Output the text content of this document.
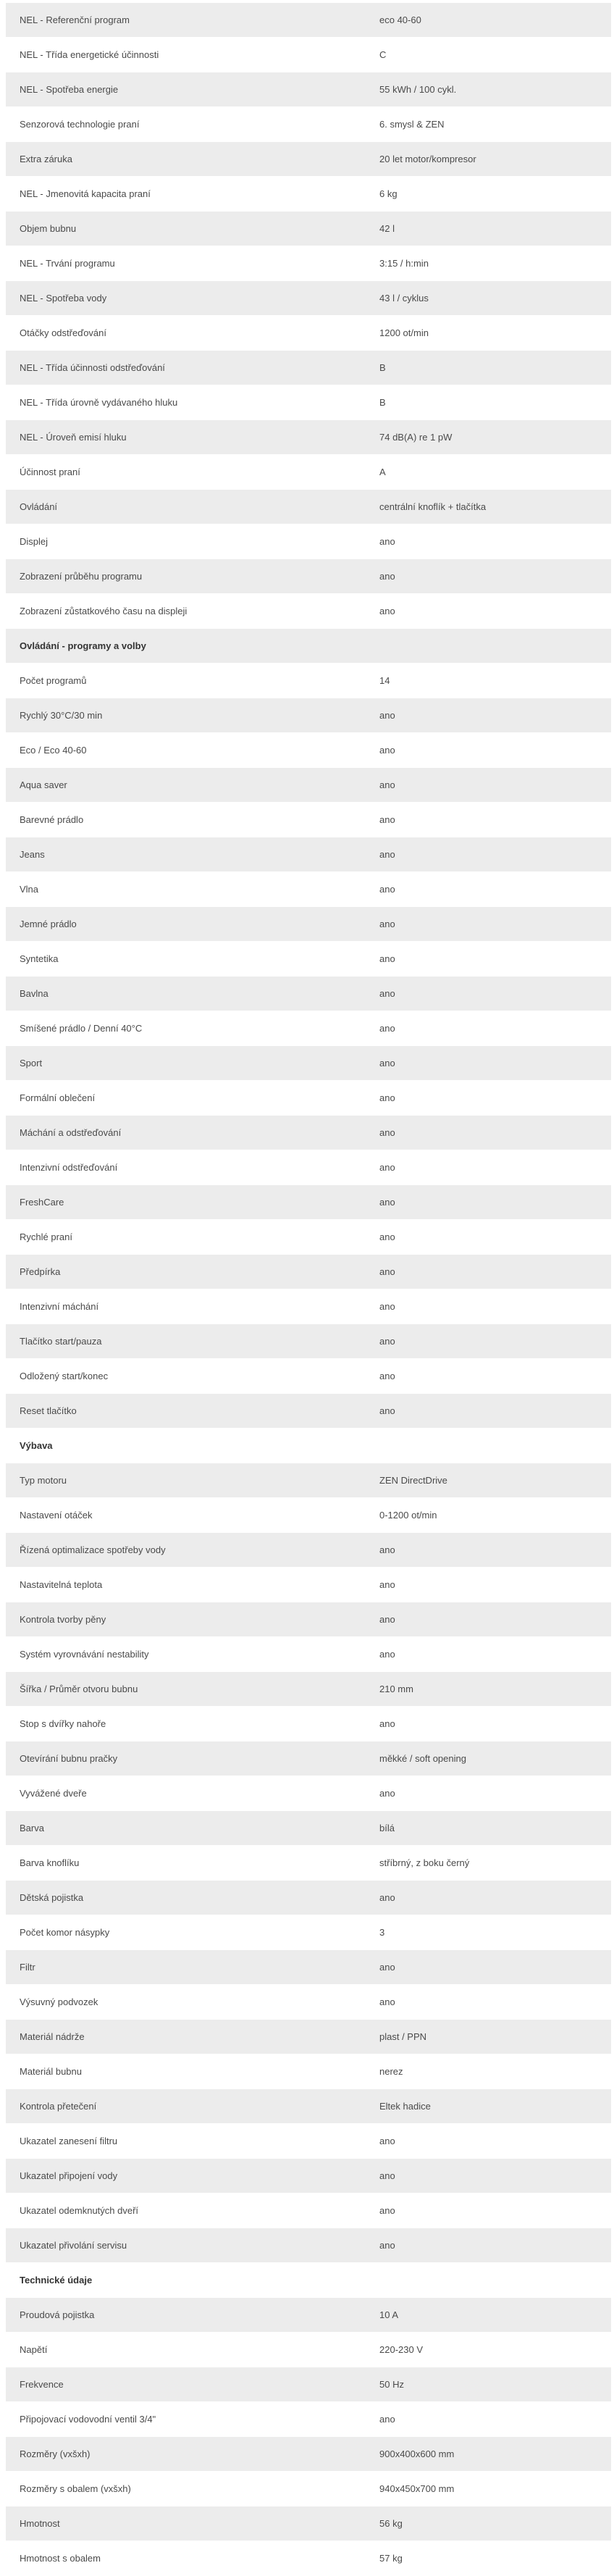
NEL - Referenční program	eco 40-60
NEL - Třída energetické účinnosti	C
NEL - Spotřeba energie	55 kWh / 100 cykl.
Senzorová technologie praní	6. smysl & ZEN
Extra záruka	20 let motor/kompresor
NEL - Jmenovitá kapacita praní	6 kg
Objem bubnu	42 l
NEL - Trvání programu	3:15 / h:min
NEL - Spotřeba vody	43 l / cyklus
Otáčky odstřeďování	1200 ot/min
NEL - Třída účinnosti odstřeďování	B
NEL - Třída úrovně vydávaného hluku	B
NEL - Úroveň emisí hluku	74 dB(A) re 1 pW
Účinnost praní	A
Ovládání	centrální knoflík + tlačítka
Displej	ano
Zobrazení průběhu programu	ano
Zobrazení zůstatkového času na displeji	ano
Ovládání - programy a volby	
Počet programů	14
Rychlý 30°C/30 min	ano
Eco / Eco 40-60	ano
Aqua saver	ano
Barevné prádlo	ano
Jeans	ano
Vlna	ano
Jemné prádlo	ano
Syntetika	ano
Bavlna	ano
Smíšené prádlo / Denní 40°C	ano
Sport	ano
Formální oblečení	ano
Máchání a odstřeďování	ano
Intenzivní odstřeďování	ano
FreshCare	ano
Rychlé praní	ano
Předpírka	ano
Intenzivní máchání	ano
Tlačítko start/pauza	ano
Odložený start/konec	ano
Reset tlačítko	ano
Výbava	
Typ motoru	ZEN DirectDrive
Nastavení otáček	0-1200 ot/min
Řízená optimalizace spotřeby vody	ano
Nastavitelná teplota	ano
Kontrola tvorby pěny	ano
Systém vyrovnávání nestability	ano
Šířka / Průměr otvoru bubnu	210 mm
Stop s dvířky nahoře	ano
Otevírání bubnu pračky	měkké / soft opening
Vyvážené dveře	ano
Barva	bílá
Barva knoflíku	stříbrný, z boku černý
Dětská pojistka	ano
Počet komor násypky	3
Filtr	ano
Výsuvný podvozek	ano
Materiál nádrže	plast / PPN
Materiál bubnu	nerez
Kontrola přetečení	Eltek hadice
Ukazatel zanesení filtru	ano
Ukazatel připojení vody	ano
Ukazatel odemknutých dveří	ano
Ukazatel přivolání servisu	ano
Technické údaje	
Proudová pojistka	10 A
Napětí	220-230 V
Frekvence	50 Hz
Připojovací vodovodní ventil 3/4"	ano
Rozměry (vxšxh)	900x400x600 mm
Rozměry s obalem (vxšxh)	940x450x700 mm
Hmotnost	56 kg
Hmotnost s obalem	57 kg
